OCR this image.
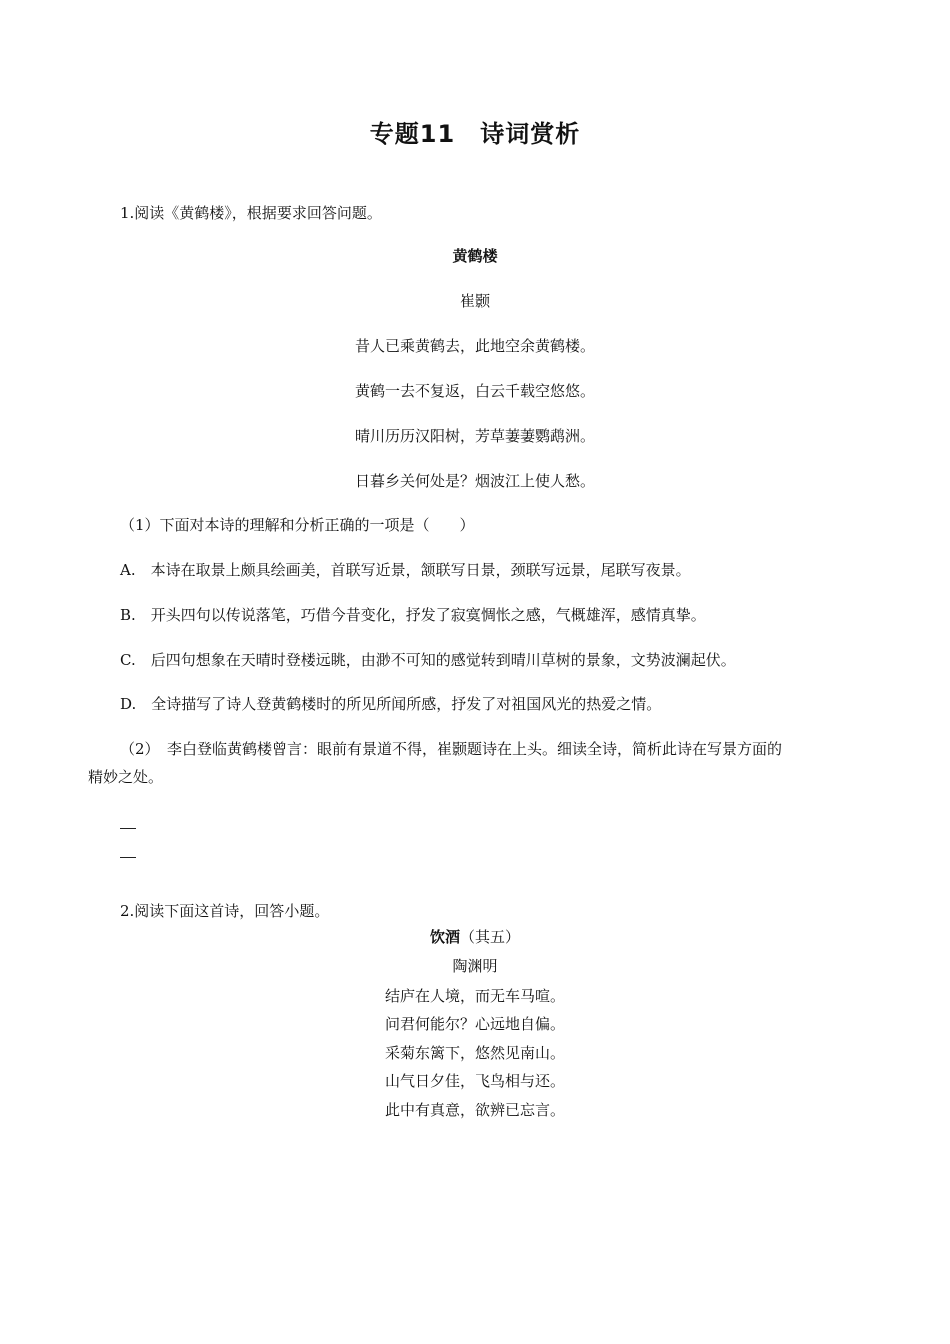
专题11　诗词赏析
1.阅读《黄鹤楼》，根据要求回答问题。
黄鹤楼
崔颢
昔人已乘黄鹤去，此地空余黄鹤楼。
黄鹤一去不复返，白云千载空悠悠。
晴川历历汉阳树，芳草萋萋鹦鹉洲。
日暮乡关何处是？烟波江上使人愁。
（1）下面对本诗的理解和分析正确的一项是（　　）
A.　本诗在取景上颇具绘画美，首联写近景，颔联写日景，颈联写远景，尾联写夜景。
B.　开头四句以传说落笔，巧借今昔变化，抒发了寂寞惆怅之感，气概雄浑，感情真挚。
C.　后四句想象在天晴时登楼远眺，由渺不可知的感觉转到晴川草树的景象，文势波澜起伏。
D.　全诗描写了诗人登黄鹤楼时的所见所闻所感，抒发了对祖国风光的热爱之情。
（2）　李白登临黄鹤楼曾言：眼前有景道不得，崔颢题诗在上头。细读全诗，简析此诗在写景方面的
精妙之处。
2.阅读下面这首诗，回答小题。
饮酒（其五）
陶渊明
结庐在人境，而无车马喧。
问君何能尔？心远地自偏。
采菊东篱下，悠然见南山。
山气日夕佳，飞鸟相与还。
此中有真意，欲辨已忘言。
